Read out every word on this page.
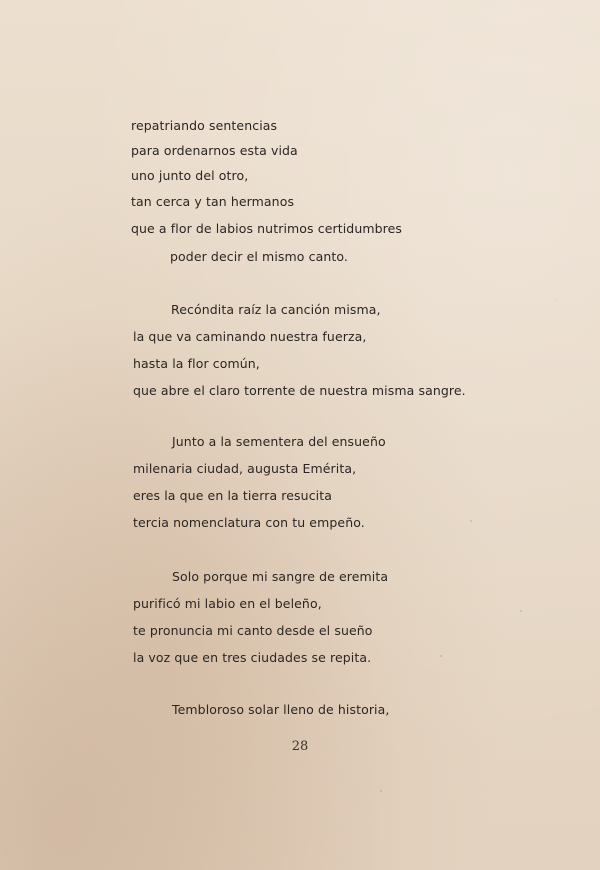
repatriando sentencias
para ordenarnos esta vida
uno junto del otro,
tan cerca y tan hermanos
que a flor de labios nutrimos certidumbres
poder decir el mismo canto.
Recóndita raíz la canción misma,
la que va caminando nuestra fuerza,
hasta la flor común,
que abre el claro torrente de nuestra misma sangre.
Junto a la sementera del ensueño
milenaria ciudad, augusta Emérita,
eres la que en la tierra resucita
tercia nomenclatura con tu empeño.
Solo porque mi sangre de eremita
purificó mi labio en el beleño,
te pronuncia mi canto desde el sueño
la voz que en tres ciudades se repita.
Tembloroso solar lleno de historia,
28
